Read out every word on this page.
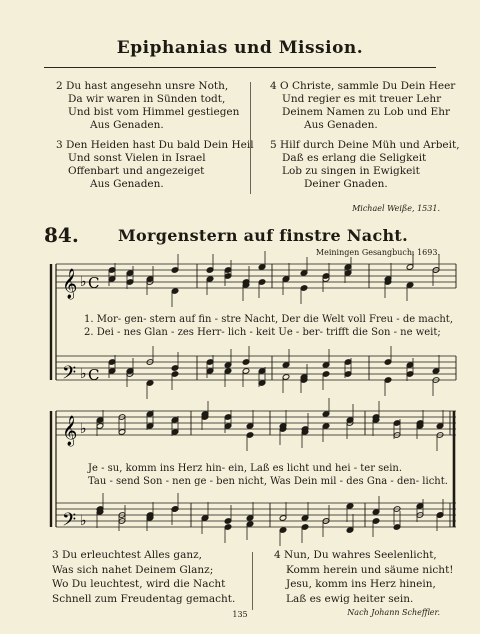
Epiphanias und Mission.
2 Du hast angesehn unsre Noth,
Da wir waren in Sünden todt,
Und bist vom Himmel gestiegen
Aus Genaden.
3 Den Heiden hast Du bald Dein Heil
Und sonst Vielen in Israel
Offenbart und angezeiget
Aus Genaden.
4 O Christe, sammle Du Dein Heer
Und regier es mit treuer Lehr
Deinem Namen zu Lob und Ehr
Aus Genaden.
5 Hilf durch Deine Müh und Arbeit,
Daß es erlang die Seligkeit
Lob zu singen in Ewigkeit
Deiner Gnaden.
Michael Weiße, 1531.
84. Morgenstern auf finstre Nacht.
Meiningen Gesangbuch, 1693.
𝄞
𝄢
𝄞
𝄢
♭
♭
♭
♭
C
C
1. Mor- gen- stern auf fin - stre Nacht, Der die Welt voll Freu - de macht,
2. Dei - nes Glan - zes Herr- lich - keit Ue - ber- trifft die Son - ne weit;
Je - su, komm ins Herz hin- ein, Laß es licht und hei - ter sein.
Tau - send Son - nen ge - ben nicht, Was Dein mil - des Gna - den- licht.
3 Du erleuchtest Alles ganz,
Was sich nahet Deinem Glanz;
Wo Du leuchtest, wird die Nacht
Schnell zum Freudentag gemacht.
4 Nun, Du wahres Seelenlicht,
Komm herein und säume nicht!
Jesu, komm ins Herz hinein,
Laß es ewig heiter sein.
Nach Johann Scheffler.
135
